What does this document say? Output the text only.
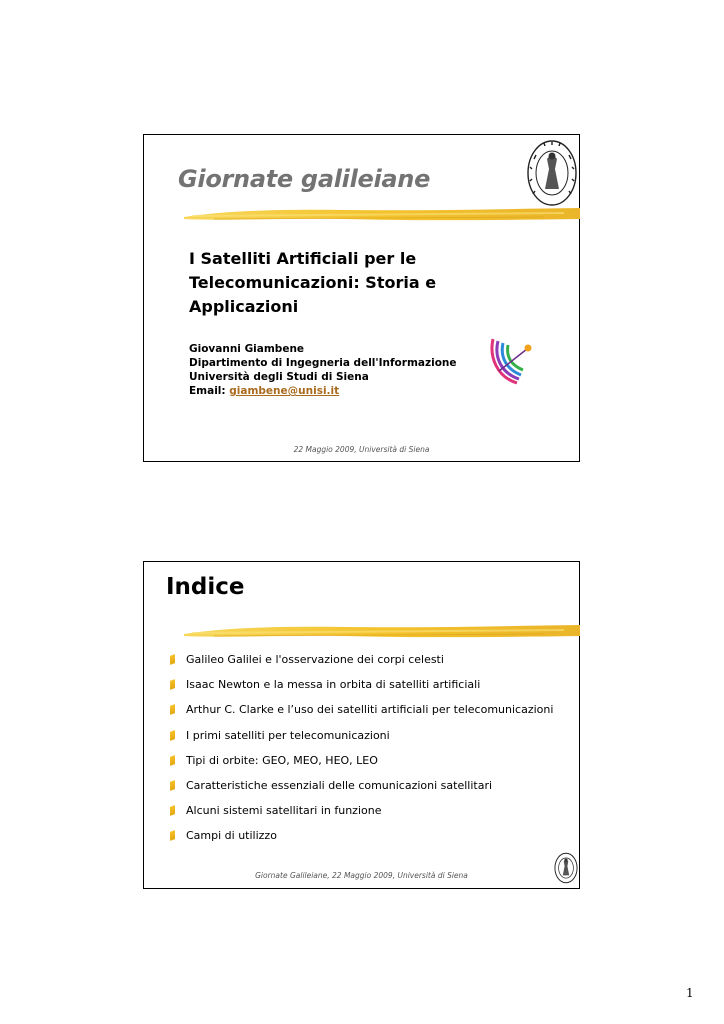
Giornate galileiane

I Satelliti Artificiali per le Telecomunicazioni: Storia e Applicazioni

Giovanni Giambene
Dipartimento di Ingegneria dell'Informazione
Università degli Studi di Siena
Email: giambene@unisi.it
22 Maggio 2009, Università di Siena
Indice
Galileo Galilei e l'osservazione dei corpi celesti
Isaac Newton e la messa in orbita di satelliti artificiali
Arthur C. Clarke e l’uso dei satelliti artificiali per telecomunicazioni
I primi satelliti per telecomunicazioni
Tipi di orbite: GEO, MEO, HEO, LEO
Caratteristiche essenziali delle comunicazioni satellitari
Alcuni sistemi satellitari in funzione
Campi di utilizzo
Giornate Galileiane, 22 Maggio 2009, Università di Siena
1
